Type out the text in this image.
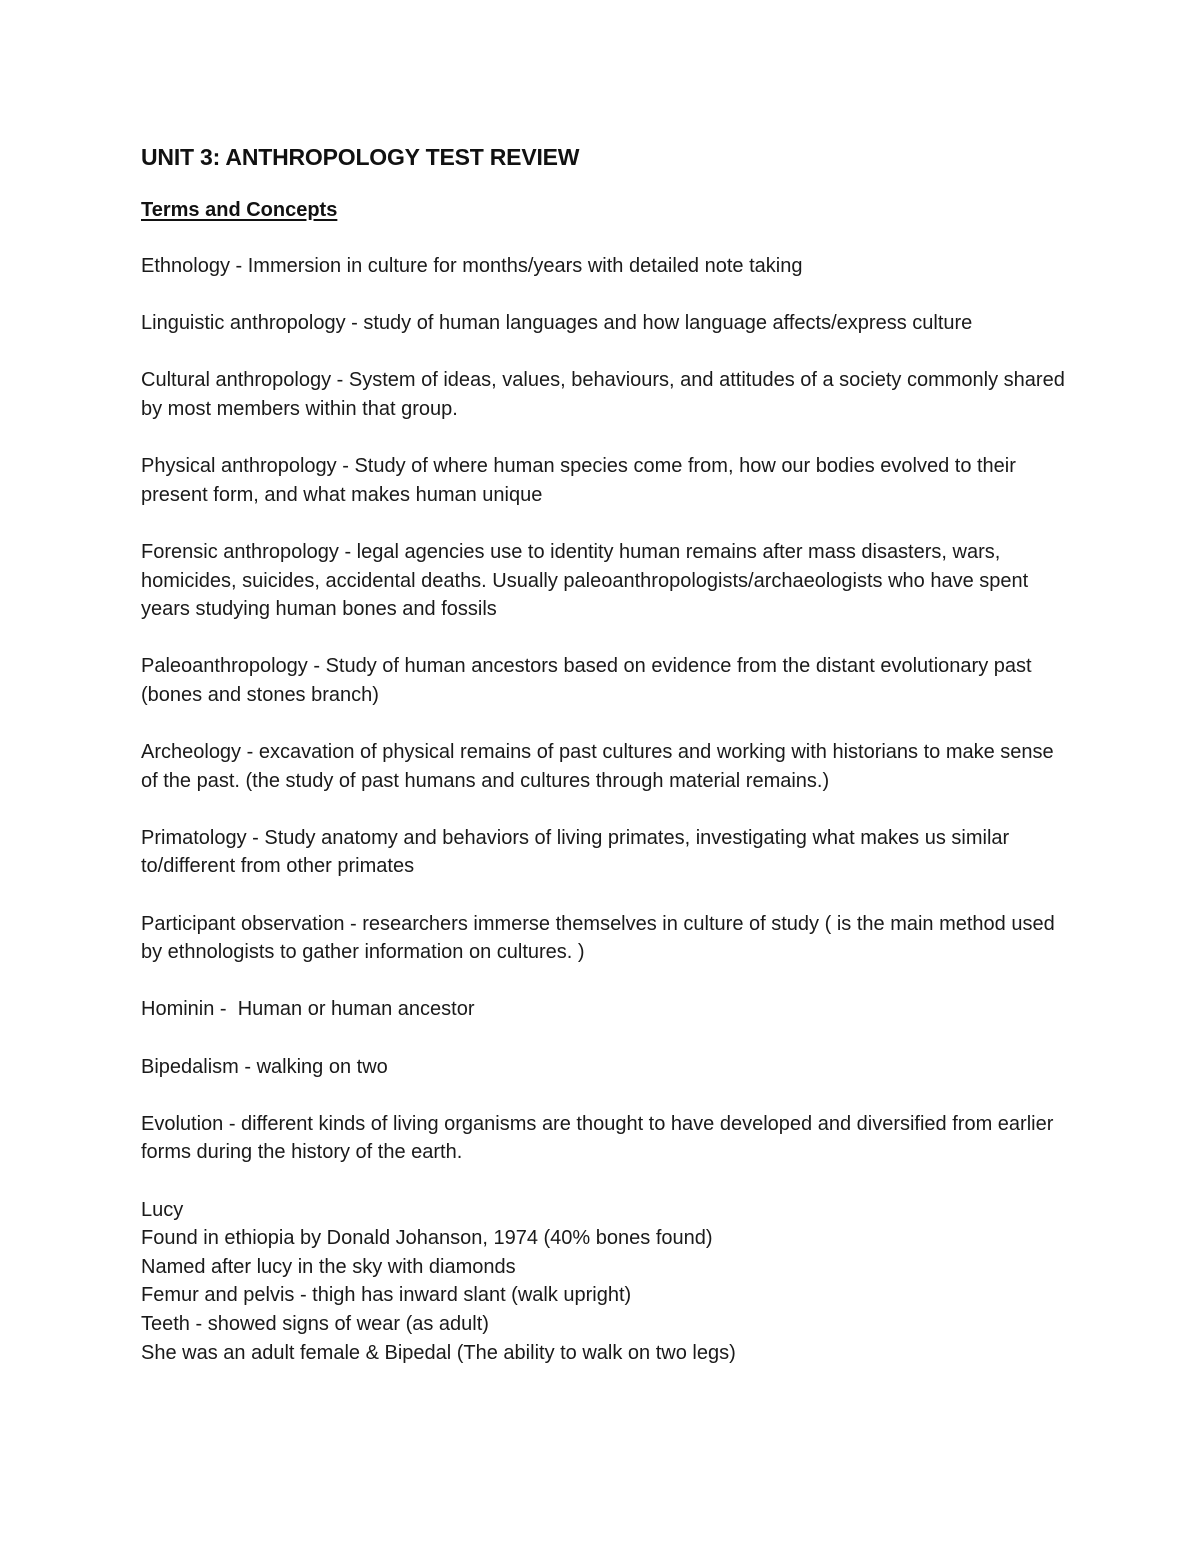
UNIT 3: ANTHROPOLOGY TEST REVIEW
Terms and Concepts

Ethnology - Immersion in culture for months/years with detailed note taking

Linguistic anthropology - study of human languages and how language affects/express culture

Cultural anthropology - System of ideas, values, behaviours, and attitudes of a society commonly shared by most members within that group.

Physical anthropology - Study of where human species come from, how our bodies evolved to their present form, and what makes human unique

Forensic anthropology - legal agencies use to identity human remains after mass disasters, wars, homicides, suicides, accidental deaths. Usually paleoanthropologists/archaeologists who have spent years studying human bones and fossils

Paleoanthropology - Study of human ancestors based on evidence from the distant evolutionary past (bones and stones branch)

Archeology - excavation of physical remains of past cultures and working with historians to make sense of the past. (the study of past humans and cultures through material remains.)

Primatology - Study anatomy and behaviors of living primates, investigating what makes us similar to/different from other primates

Participant observation - researchers immerse themselves in culture of study ( is the main method used by ethnologists to gather information on cultures. )

Hominin -  Human or human ancestor

Bipedalism - walking on two

Evolution - different kinds of living organisms are thought to have developed and diversified from earlier forms during the history of the earth.

Lucy

Found in ethiopia by Donald Johanson, 1974 (40% bones found)

Named after lucy in the sky with diamonds

Femur and pelvis - thigh has inward slant (walk upright)

Teeth - showed signs of wear (as adult)

She was an adult female & Bipedal (The ability to walk on two legs)
